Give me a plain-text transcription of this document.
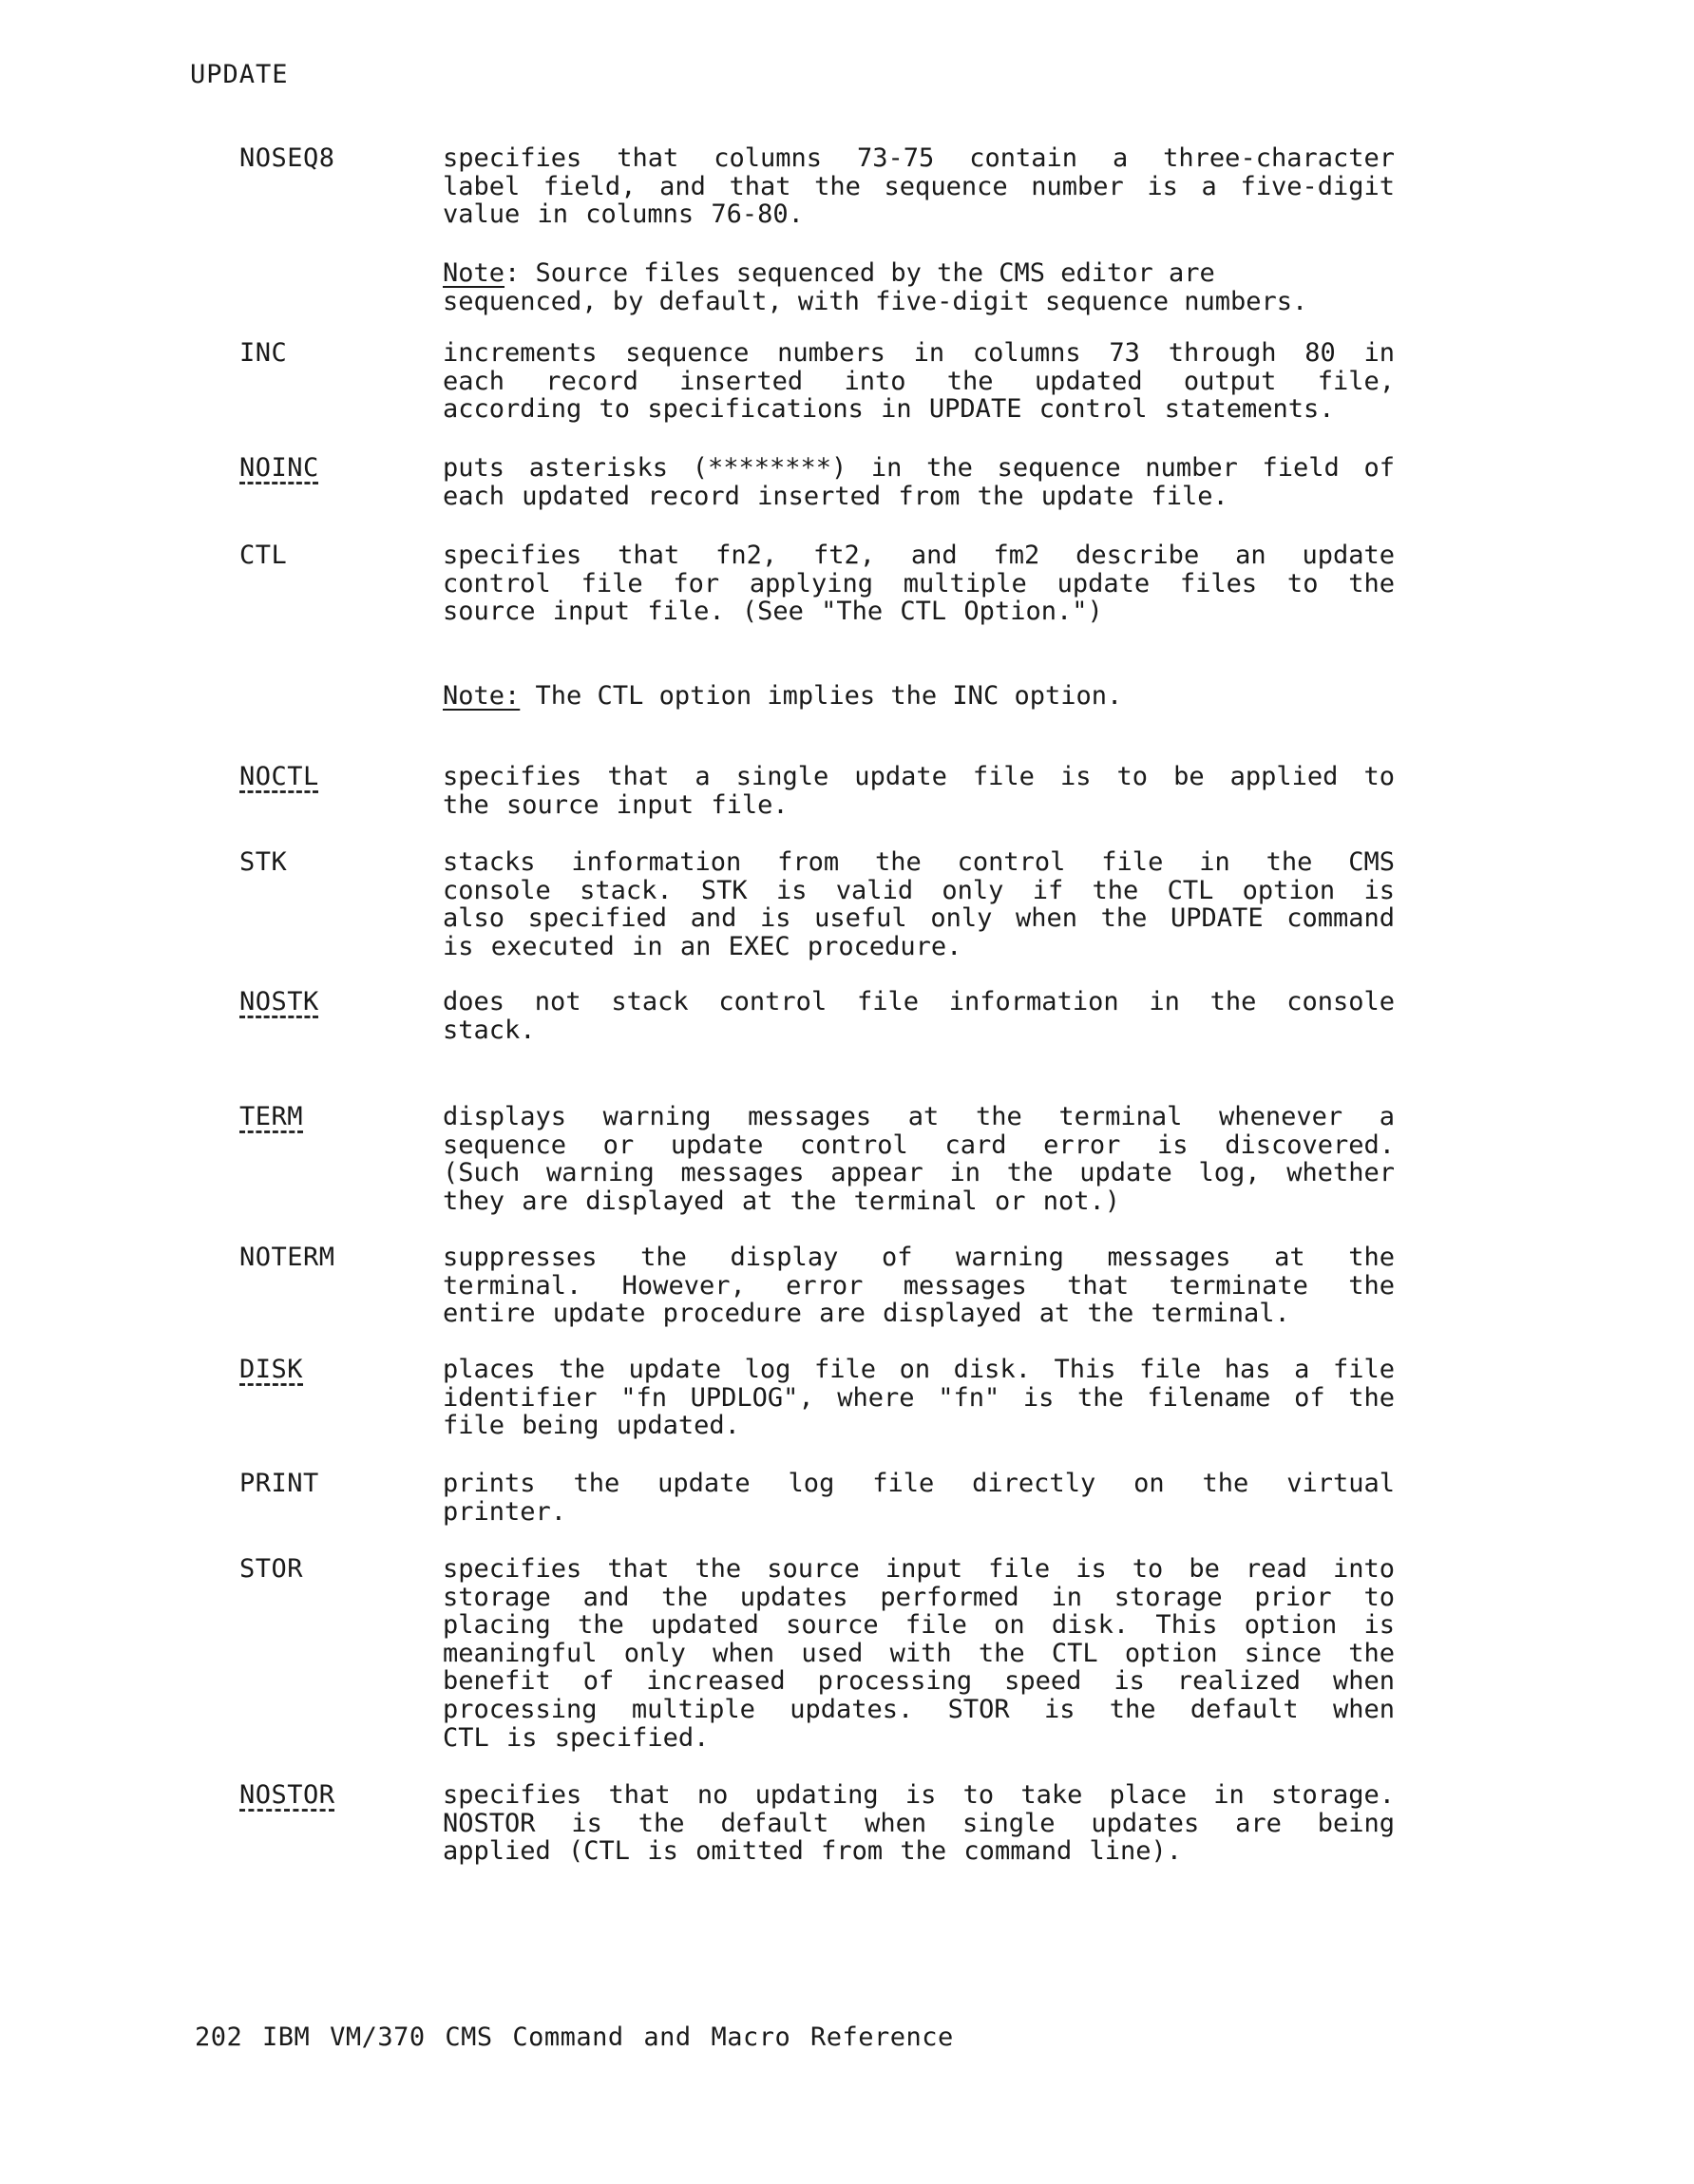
UPDATE
NOSEQ8	specifies that columns 73-75 contain a three-character
label field, and that the sequence number is a five-digit
value in columns 76-80.
Note: Source files sequenced by the CMS editor are
sequenced, by default, with five-digit sequence numbers.
INC	increments sequence numbers in columns 73 through 80 in
each record inserted into the updated output file,
according to specifications in UPDATE control statements.
NOINC	puts asterisks (********) in the sequence number field of
each updated record inserted from the update file.
CTL	specifies that fn2, ft2, and fm2 describe an update
control file for applying multiple update files to the
source input file. (See "The CTL Option.")
Note: The CTL option implies the INC option.
NOCTL	specifies that a single update file is to be applied to
the source input file.
STK	stacks information from the control file in the CMS
console stack. STK is valid only if the CTL option is
also specified and is useful only when the UPDATE command
is executed in an EXEC procedure.
NOSTK	does not stack control file information in the console
stack.
TERM	displays warning messages at the terminal whenever a
sequence or update control card error is discovered.
(Such warning messages appear in the update log, whether
they are displayed at the terminal or not.)
NOTERM	suppresses the display of warning messages at the
terminal. However, error messages that terminate the
entire update procedure are displayed at the terminal.
DISK	places the update log file on disk. This file has a file
identifier "fn UPDLOG", where "fn" is the filename of the
file being updated.
PRINT	prints the update log file directly on the virtual
printer.
STOR	specifies that the source input file is to be read into
storage and the updates performed in storage prior to
placing the updated source file on disk. This option is
meaningful only when used with the CTL option since the
benefit of increased processing speed is realized when
processing multiple updates. STOR is the default when
CTL is specified.
NOSTOR	specifies that no updating is to take place in storage.
NOSTOR is the default when single updates are being
applied (CTL is omitted from the command line).
202 IBM VM/370 CMS Command and Macro Reference
